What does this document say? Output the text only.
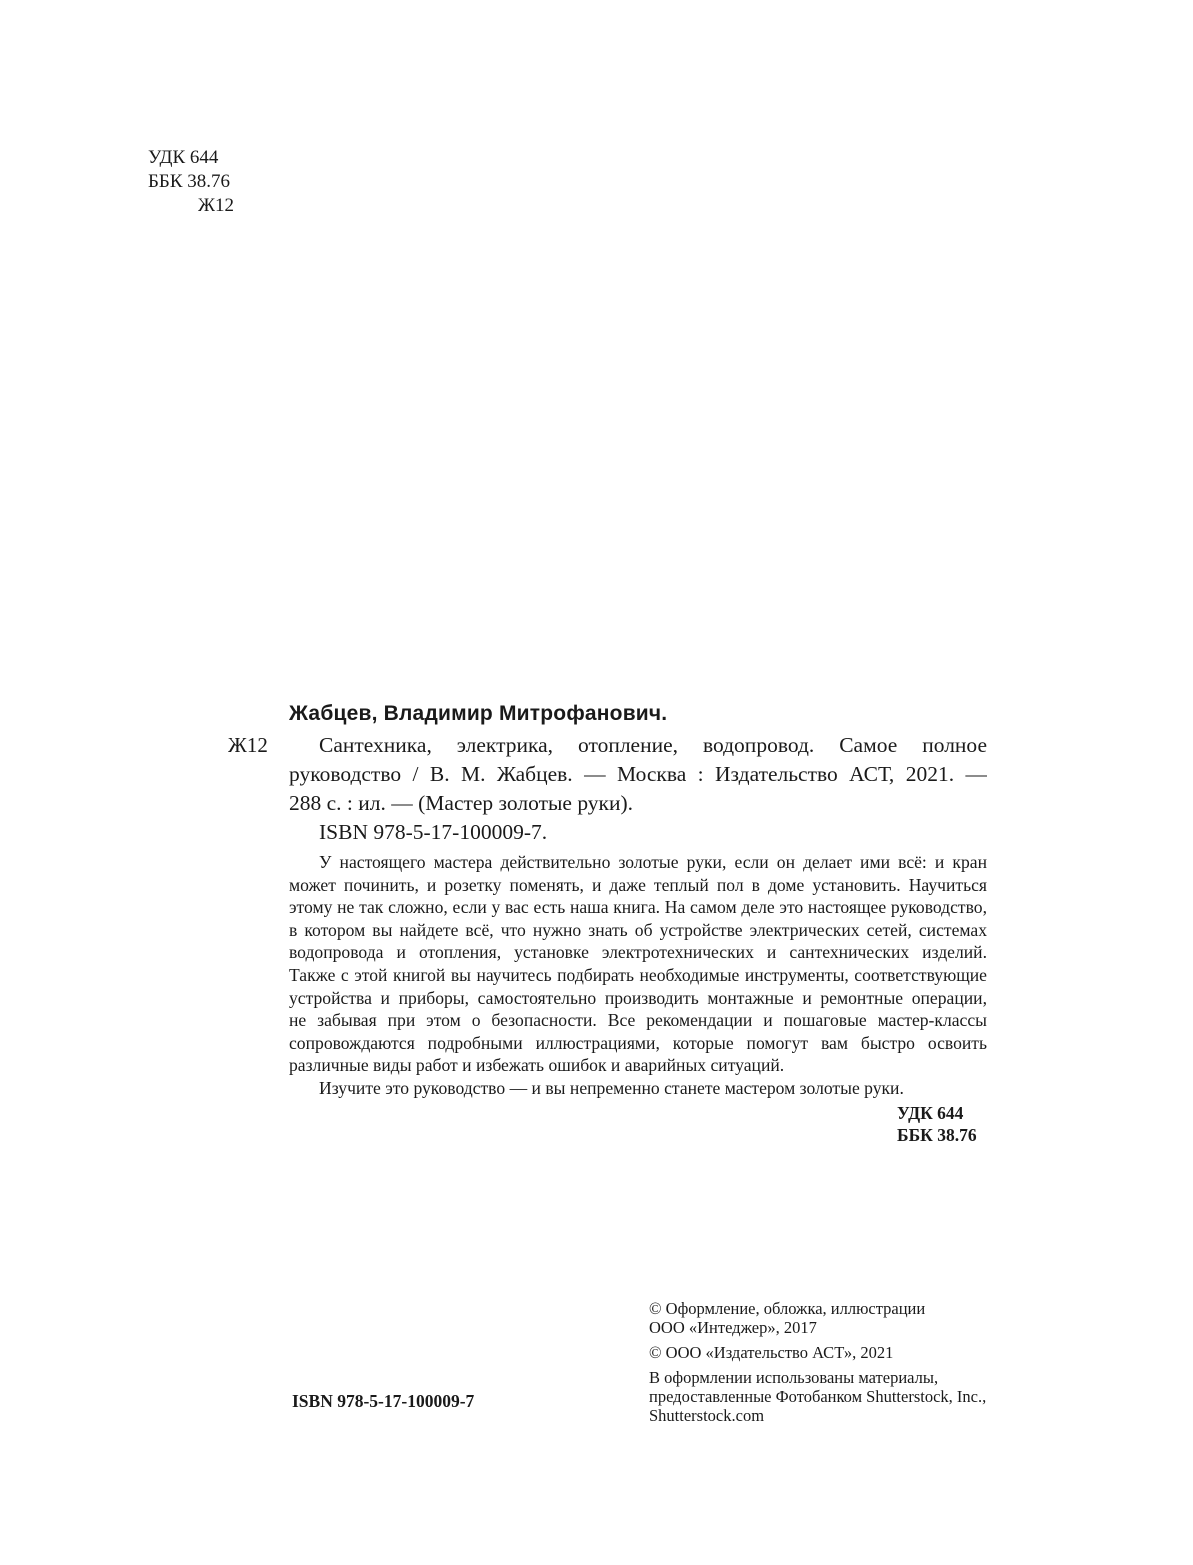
УДК 644
ББК 38.76
Ж12
Жабцев, Владимир Митрофанович.
Ж12	Сантехника, электрика, отопление, водопровод. Самое полное
руководство / В. М. Жабцев. — Москва : Издательство АСТ, 2021. —
288 с. : ил. — (Мастер золотые руки).
ISBN 978-5-17-100009-7.
У настоящего мастера действительно золотые руки, если он делает ими всё: и кран
может починить, и розетку поменять, и даже теплый пол в доме установить. Научиться
этому не так сложно, если у вас есть наша книга. На самом деле это настоящее руководство,
в котором вы найдете всё, что нужно знать об устройстве электрических сетей, системах
водопровода и отопления, установке электротехнических и сантехнических изделий.
Также с этой книгой вы научитесь подбирать необходимые инструменты, соответствующие
устройства и приборы, самостоятельно производить монтажные и ремонтные операции,
не забывая при этом о безопасности. Все рекомендации и пошаговые мастер-классы
сопровождаются подробными иллюстрациями, которые помогут вам быстро освоить
различные виды работ и избежать ошибок и аварийных ситуаций.
Изучите это руководство — и вы непременно станете мастером золотые руки.
УДК 644
ББК 38.76
© Оформление, обложка, иллюстрации
ООО «Интеджер», 2017
© ООО «Издательство АСТ», 2021
В оформлении использованы материалы,
предоставленные Фотобанком Shutterstock, Inc.,
Shutterstock.com
ISBN 978-5-17-100009-7
